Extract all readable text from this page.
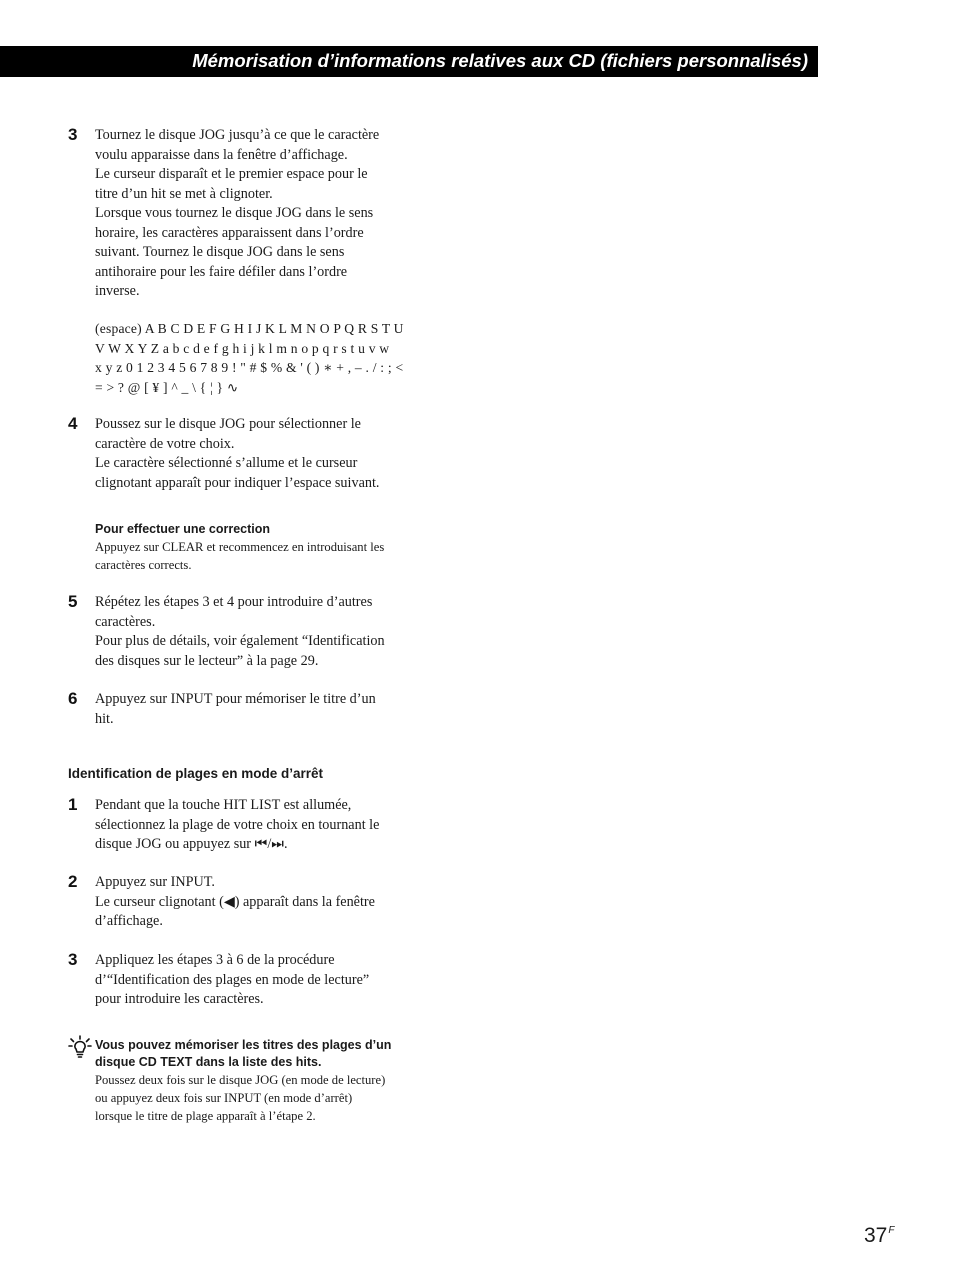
Mémorisation d’informations relatives aux CD (fichiers personnalisés)
3 Tournez le disque JOG jusqu’à ce que le caractère

voulu apparaisse dans la fenêtre d’affichage.

Le curseur disparaît et le premier espace pour le

titre d’un hit se met à clignoter.

Lorsque vous tournez le disque JOG dans le sens

horaire, les caractères apparaissent dans l’ordre

suivant. Tournez le disque JOG dans le sens

antihoraire pour les faire défiler dans l’ordre

inverse.

(espace) A B C D E F G H I J K L M N O P Q R S T U

V W X Y Z a b c d e f g h i j k l m n o p q r s t u v w

x y z 0 1 2 3 4 5 6 7 8 9 ! " # $ % & ' ( ) ∗ + , – . / : ; <

= > ? @ [ ¥ ] ^ _ \ { ¦ } ∿

4 Poussez sur le disque JOG pour sélectionner le

caractère de votre choix.

Le caractère sélectionné s’allume et le curseur

clignotant apparaît pour indiquer l’espace suivant.

Pour effectuer une correction

Appuyez sur CLEAR et recommencez en introduisant les

caractères corrects.

5 Répétez les étapes 3 et 4 pour introduire d’autres

caractères.

Pour plus de détails, voir également “Identification

des disques sur le lecteur” à la page 29.

6 Appuyez sur INPUT pour mémoriser le titre d’un

hit.

Identification de plages en mode d’arrêt

1 Pendant que la touche HIT LIST est allumée,

sélectionnez la plage de votre choix en tournant le

disque JOG ou appuyez sur ⏮/⏭.

2 Appuyez sur INPUT.

Le curseur clignotant (◀) apparaît dans la fenêtre

d’affichage.

3 Appliquez les étapes 3 à 6 de la procédure

d’“Identification des plages en mode de lecture”

pour introduire les caractères.

Vous pouvez mémoriser les titres des plages d’un

disque CD TEXT dans la liste des hits.

Poussez deux fois sur le disque JOG (en mode de lecture)

ou appuyez deux fois sur INPUT (en mode d’arrêt)

lorsque le titre de plage apparaît à l’étape 2.

$37^F$
